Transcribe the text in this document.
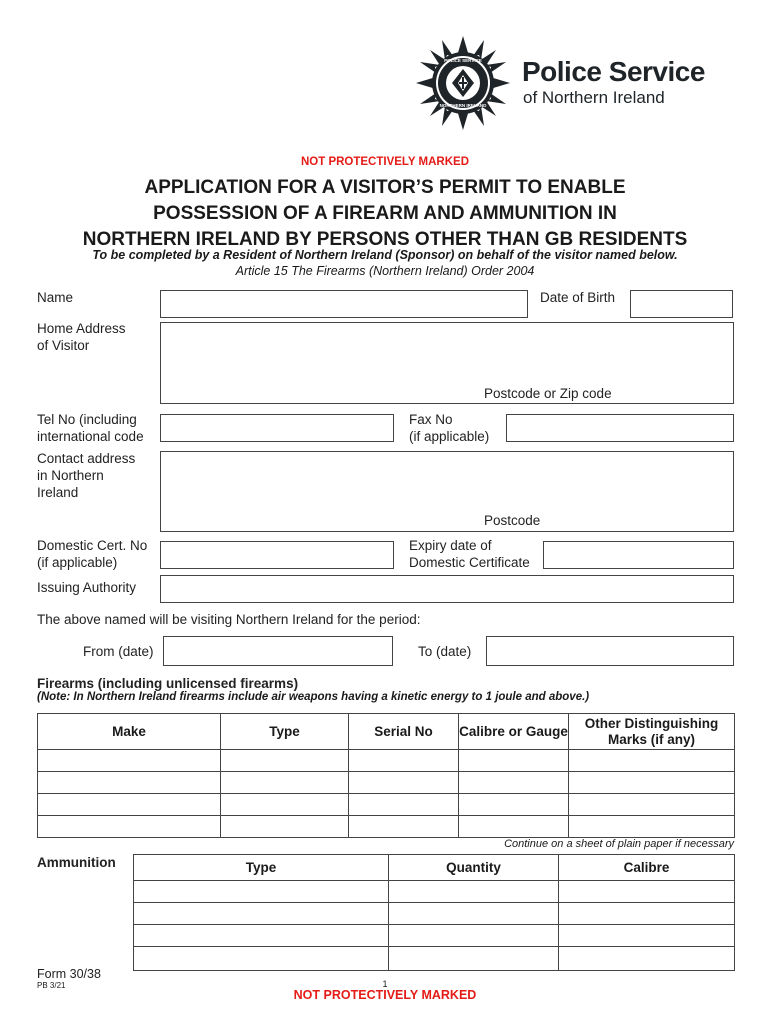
POLICE SERVICE
NORTHERN IRELAND
Police Service
of Northern Ireland
NOT PROTECTIVELY MARKED
APPLICATION FOR A VISITOR’S PERMIT TO ENABLE
POSSESSION OF A FIREARM AND AMMUNITION IN
NORTHERN IRELAND BY PERSONS OTHER THAN GB RESIDENTS
To be completed by a Resident of Northern Ireland (Sponsor) on behalf of the visitor named below.
Article 15 The Firearms (Northern Ireland) Order 2004
Name	Date of Birth
Home Address
of Visitor
Postcode or Zip code
Tel No (including
international code
Fax No
(if applicable)
Contact address
in Northern
Ireland
Postcode
Domestic Cert. No
(if applicable)
Expiry date of
Domestic Certificate
Issuing Authority
The above named will be visiting Northern Ireland for the period:
From (date)	To (date)
Firearms (including unlicensed firearms)
(Note: In Northern Ireland firearms include air weapons having a kinetic energy to 1 joule and above.)
Make	Type	Serial No	Calibre or Gauge	Other Distinguishing Marks (if any)

Continue on a sheet of plain paper if necessary
Ammunition	Type	Quantity	Calibre

Form 30/38
PB 3/21	1
NOT PROTECTIVELY MARKED
